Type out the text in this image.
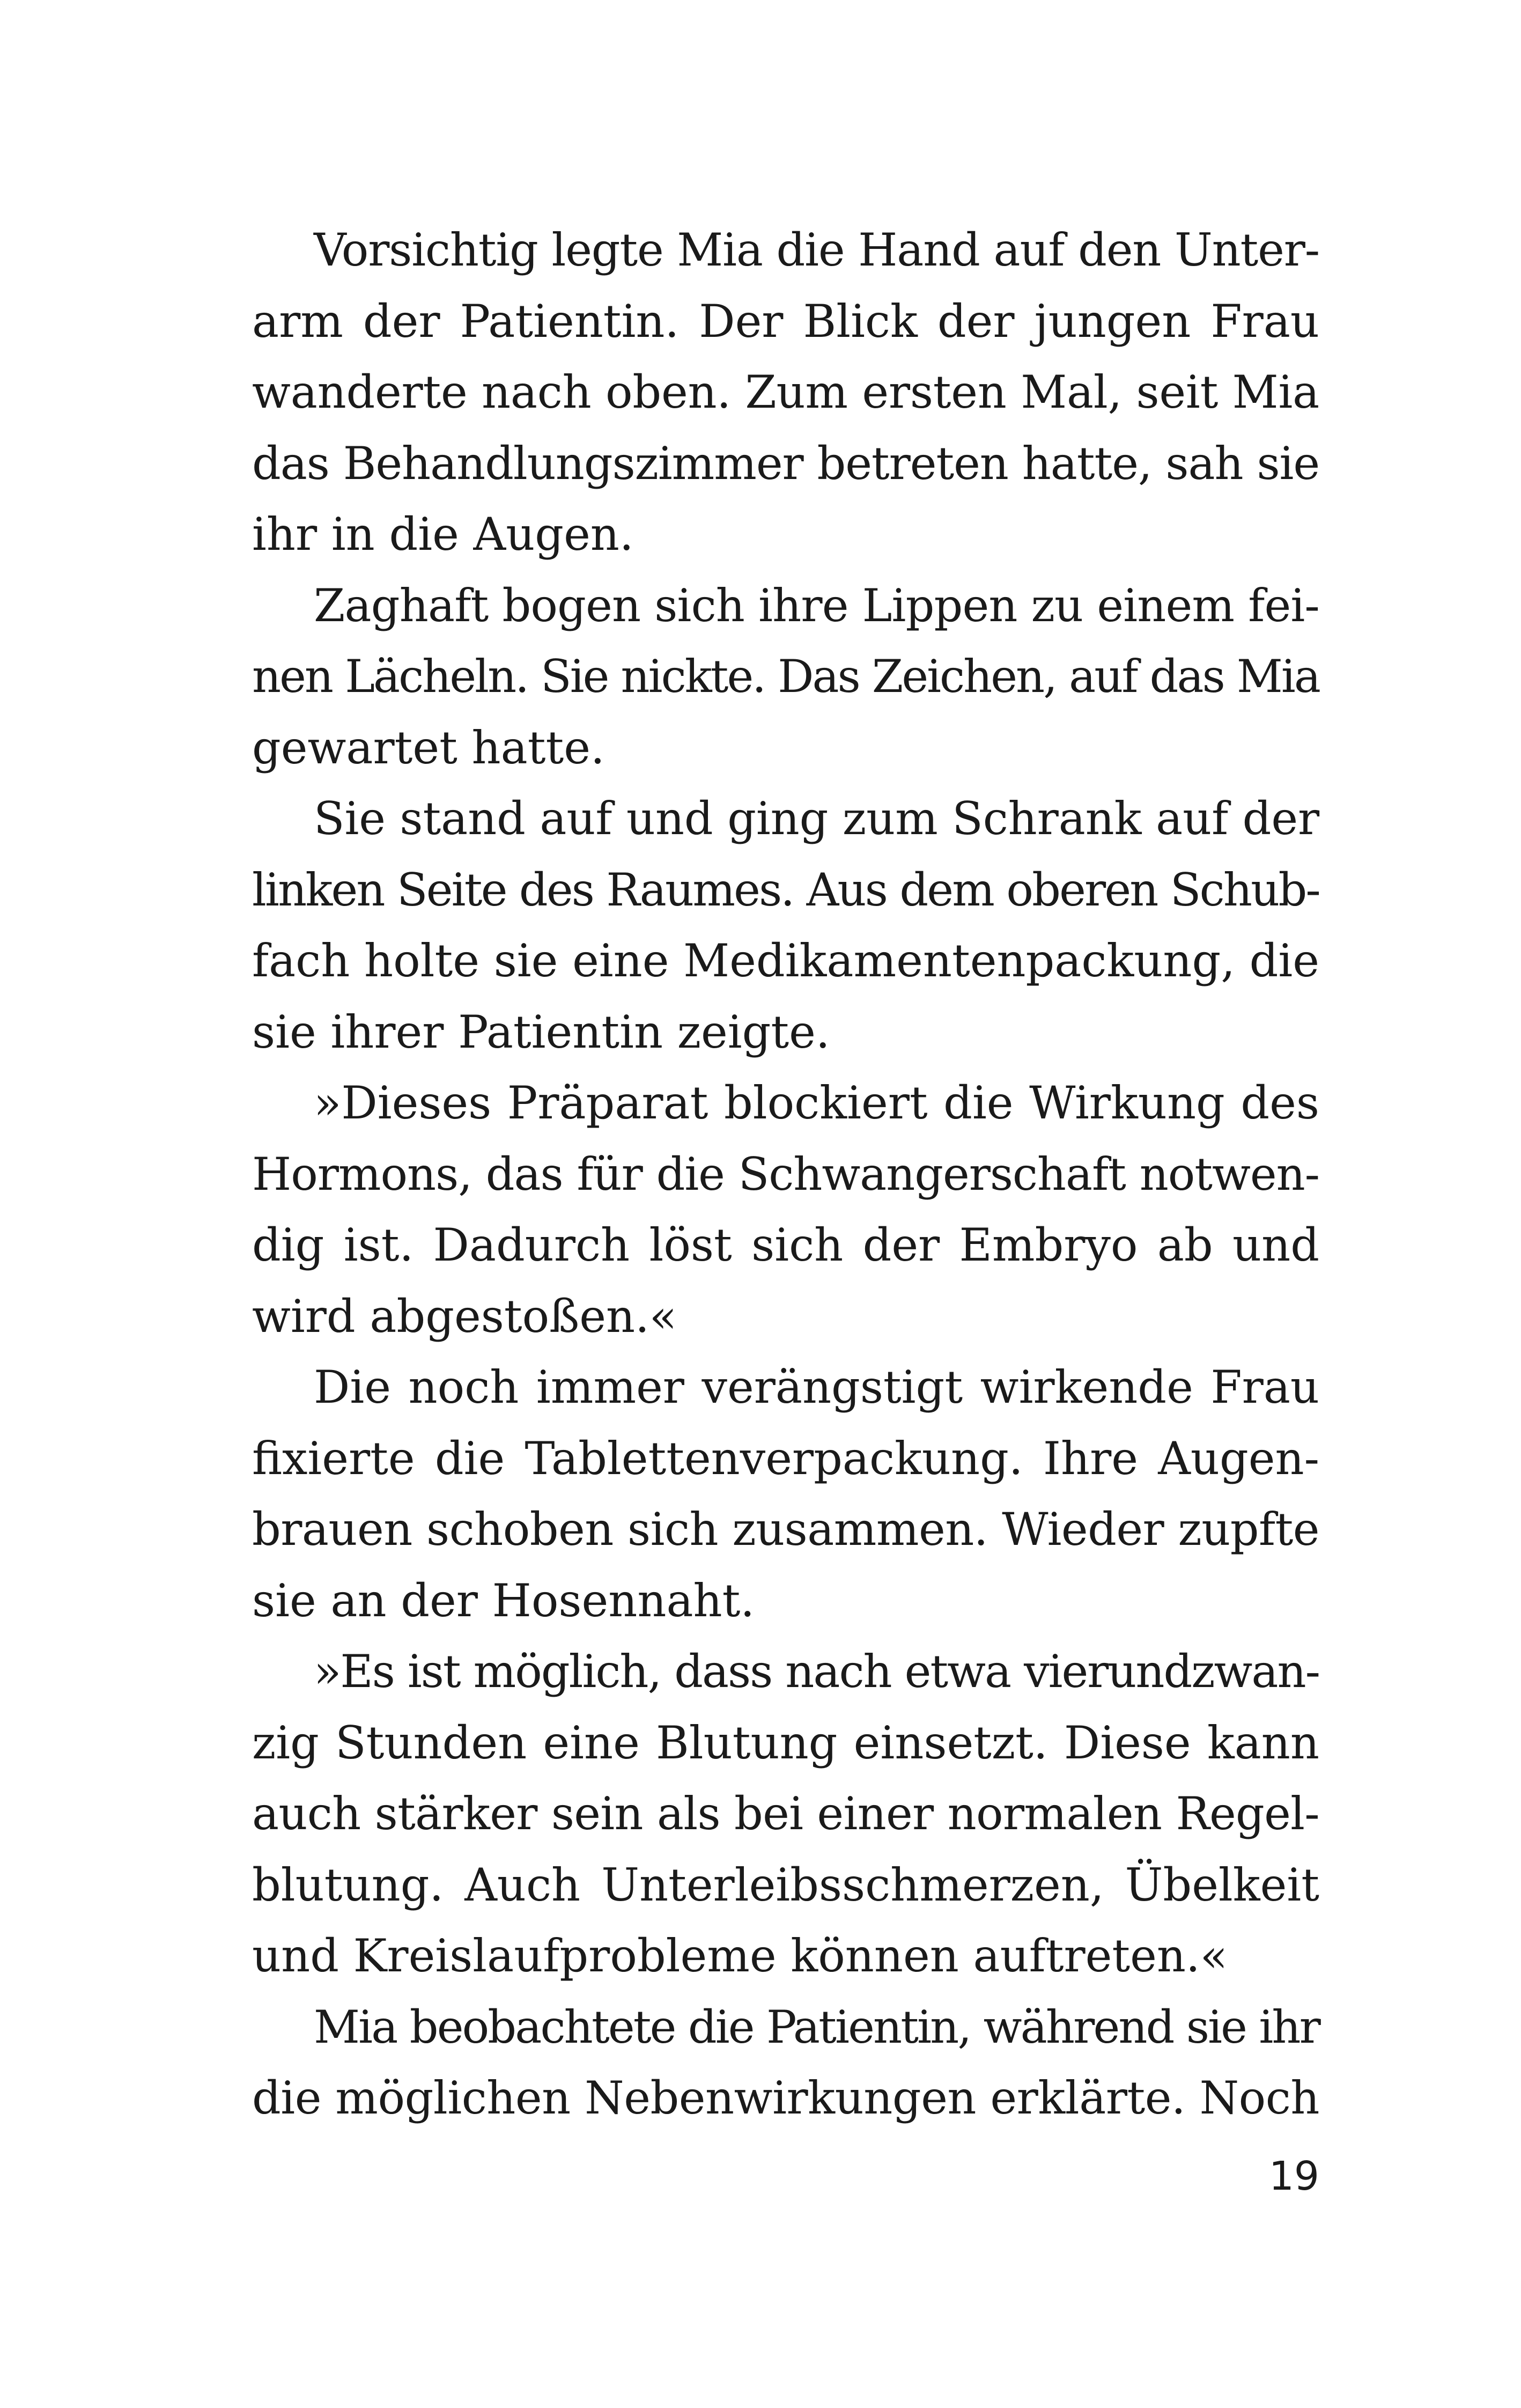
Vorsichtig legte Mia die Hand auf den Unter-
arm der Patientin. Der Blick der jungen Frau
wanderte nach oben. Zum ersten Mal, seit Mia
das Behandlungszimmer betreten hatte, sah sie
ihr in die Augen.
Zaghaft bogen sich ihre Lippen zu einem fei-
nen Lächeln. Sie nickte. Das Zeichen, auf das Mia
gewartet hatte.
Sie stand auf und ging zum Schrank auf der
linken Seite des Raumes. Aus dem oberen Schub-
fach holte sie eine Medikamentenpackung, die
sie ihrer Patientin zeigte.
»Dieses Präparat blockiert die Wirkung des
Hormons, das für die Schwangerschaft notwen-
dig ist. Dadurch löst sich der Embryo ab und
wird abgestoßen.«
Die noch immer verängstigt wirkende Frau
fixierte die Tablettenverpackung. Ihre Augen-
brauen schoben sich zusammen. Wieder zupfte
sie an der Hosennaht.
»Es ist möglich, dass nach etwa vierundzwan-
zig Stunden eine Blutung einsetzt. Diese kann
auch stärker sein als bei einer normalen Regel-
blutung. Auch Unterleibsschmerzen, Übelkeit
und Kreislaufprobleme können auftreten.«
Mia beobachtete die Patientin, während sie ihr
die möglichen Nebenwirkungen erklärte. Noch
19
